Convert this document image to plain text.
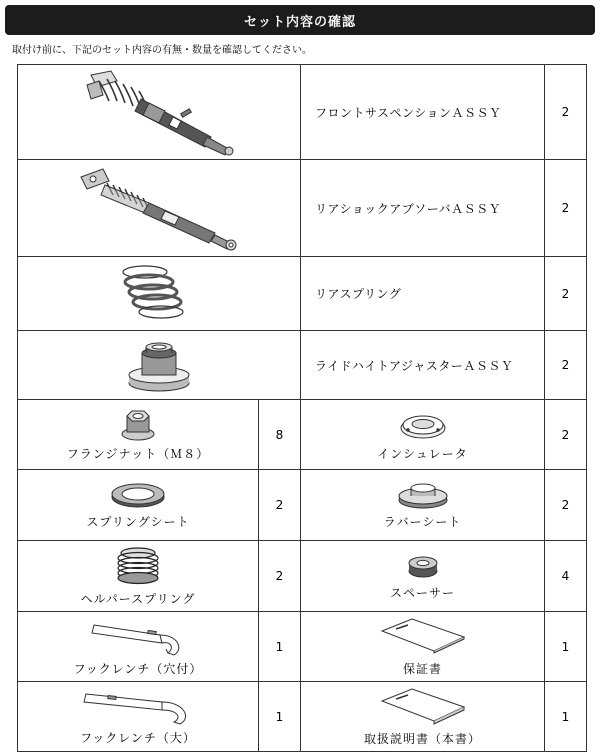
セット内容の確認
取付け前に、下記のセット内容の有無・数量を確認してください。
	フロントサスペンションＡＳＳＹ	2

	リアショックアブソーバＡＳＳＹ	2

	リアスプリング	2

	ライドハイトアジャスターＡＳＳＹ	2

フランジナット（Ｍ８）	8	インシュレータ	2

スプリングシート	2	ラバーシート	2

ヘルパースプリング	2	スペーサー	4

フックレンチ（穴付）	1	保証書	1

フックレンチ（大）	1	取扱説明書（本書）	1
